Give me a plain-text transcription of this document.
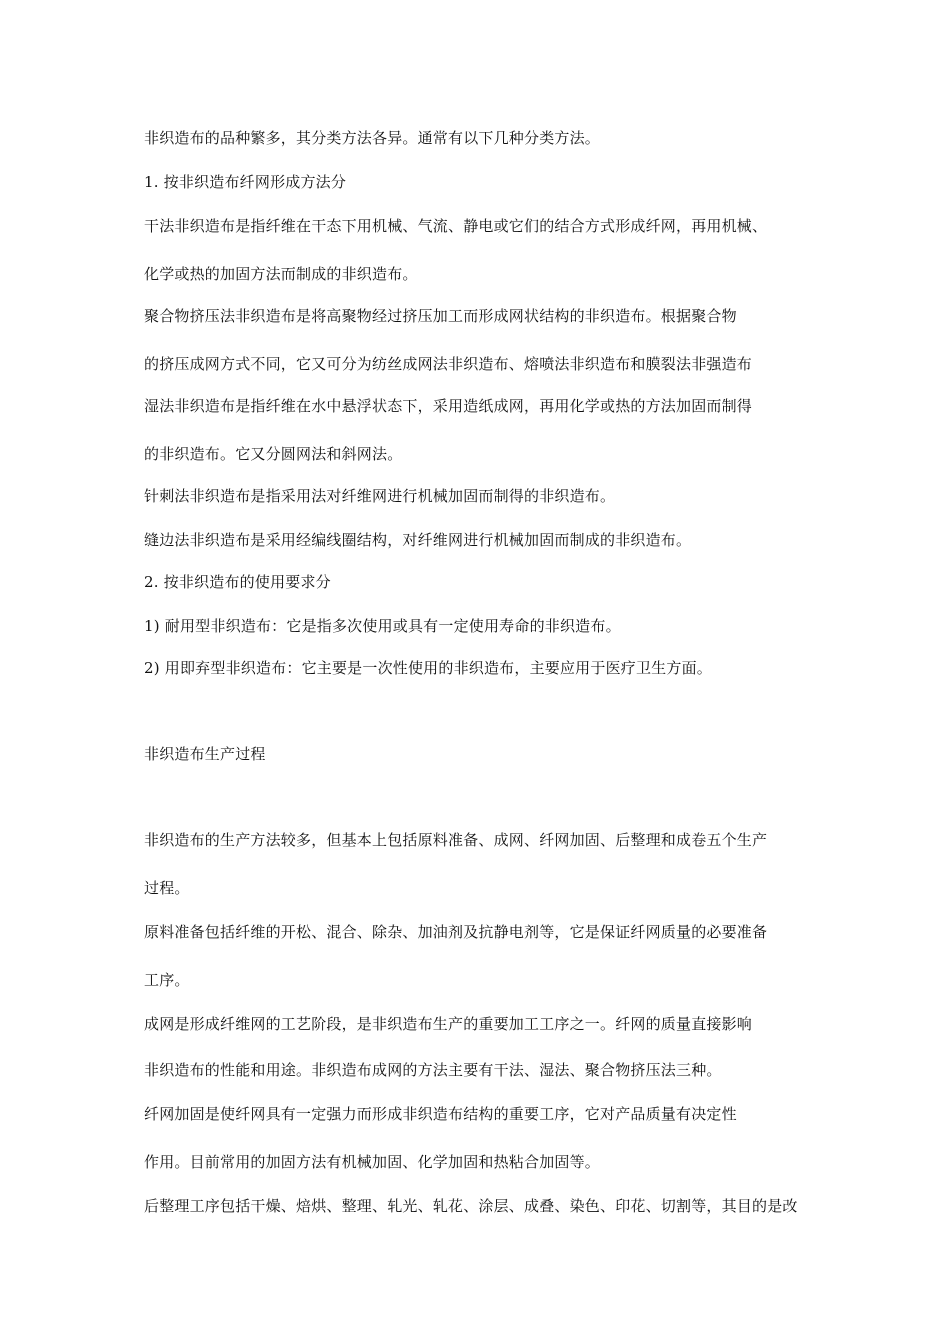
非织造布的品种繁多，其分类方法各异。通常有以下几种分类方法。
1. 按非织造布纤网形成方法分
干法非织造布是指纤维在干态下用机械、气流、静电或它们的结合方式形成纤网，再用机械、
化学或热的加固方法而制成的非织造布。
聚合物挤压法非织造布是将高聚物经过挤压加工而形成网状结构的非织造布。根据聚合物
的挤压成网方式不同，它又可分为纺丝成网法非织造布、熔喷法非织造布和膜裂法非强造布
湿法非织造布是指纤维在水中悬浮状态下，采用造纸成网，再用化学或热的方法加固而制得
的非织造布。它又分圆网法和斜网法。
针刺法非织造布是指采用法对纤维网进行机械加固而制得的非织造布。
缝边法非织造布是采用经编线圈结构，对纤维网进行机械加固而制成的非织造布。
2. 按非织造布的使用要求分
1) 耐用型非织造布：它是指多次使用或具有一定使用寿命的非织造布。
2) 用即弃型非织造布：它主要是一次性使用的非织造布，主要应用于医疗卫生方面。
非织造布生产过程
非织造布的生产方法较多，但基本上包括原料准备、成网、纤网加固、后整理和成卷五个生产
过程。
原料准备包括纤维的开松、混合、除杂、加油剂及抗静电剂等，它是保证纤网质量的必要准备
工序。
成网是形成纤维网的工艺阶段，是非织造布生产的重要加工工序之一。纤网的质量直接影响
非织造布的性能和用途。非织造布成网的方法主要有干法、湿法、聚合物挤压法三种。
纤网加固是使纤网具有一定强力而形成非织造布结构的重要工序，它对产品质量有决定性
作用。目前常用的加固方法有机械加固、化学加固和热粘合加固等。
后整理工序包括干燥、焙烘、整理、轧光、轧花、涂层、成叠、染色、印花、切割等，其目的是改
